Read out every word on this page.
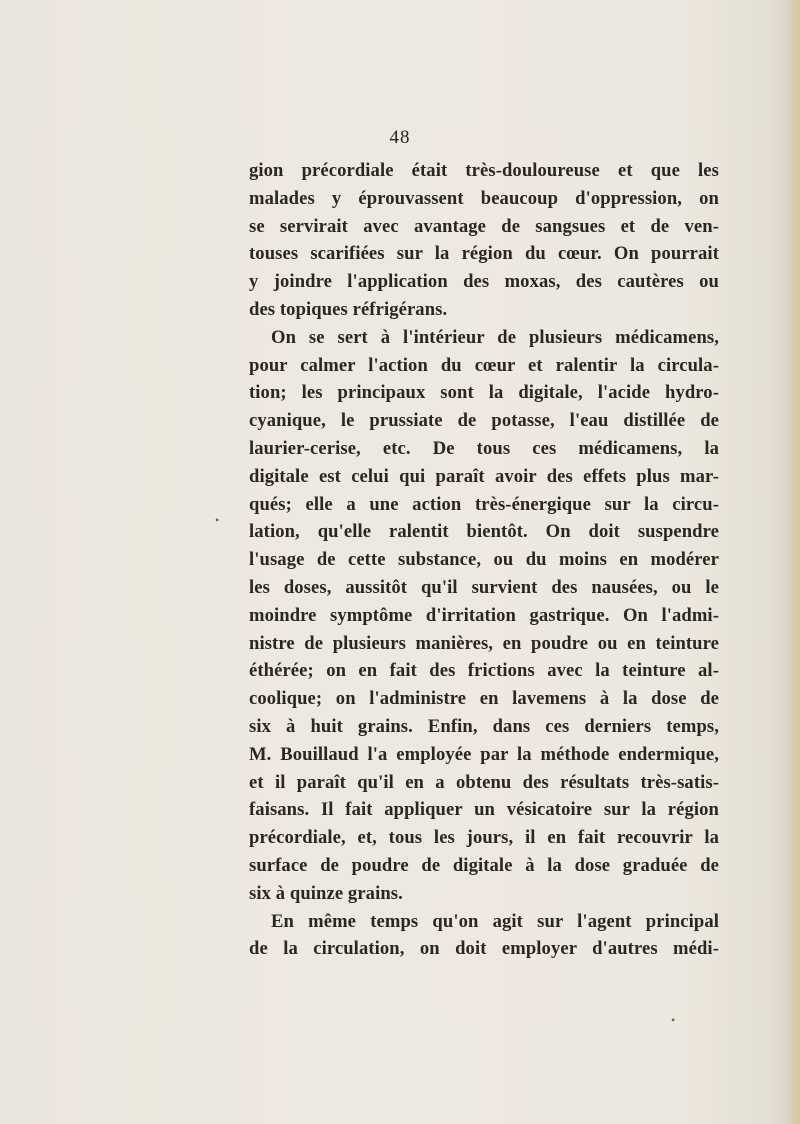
48
gion précordiale était très-douloureuse et que les
malades y éprouvassent beaucoup d'oppression, on
se servirait avec avantage de sangsues et de ven-
touses scarifiées sur la région du cœur. On pourrait
y joindre l'application des moxas, des cautères ou
des topiques réfrigérans.
On se sert à l'intérieur de plusieurs médicamens,
pour calmer l'action du cœur et ralentir la circula-
tion; les principaux sont la digitale, l'acide hydro-
cyanique, le prussiate de potasse, l'eau distillée de
laurier-cerise, etc. De tous ces médicamens, la
digitale est celui qui paraît avoir des effets plus mar-
qués; elle a une action très-énergique sur la circu-
lation, qu'elle ralentit bientôt. On doit suspendre
l'usage de cette substance, ou du moins en modérer
les doses, aussitôt qu'il survient des nausées, ou le
moindre symptôme d'irritation gastrique. On l'admi-
nistre de plusieurs manières, en poudre ou en teinture
éthérée; on en fait des frictions avec la teinture al-
coolique; on l'administre en lavemens à la dose de
six à huit grains. Enfin, dans ces derniers temps,
M. Bouillaud l'a employée par la méthode endermique,
et il paraît qu'il en a obtenu des résultats très-satis-
faisans. Il fait appliquer un vésicatoire sur la région
précordiale, et, tous les jours, il en fait recouvrir la
surface de poudre de digitale à la dose graduée de
six à quinze grains.
En même temps qu'on agit sur l'agent principal
de la circulation, on doit employer d'autres médi-
•
•
